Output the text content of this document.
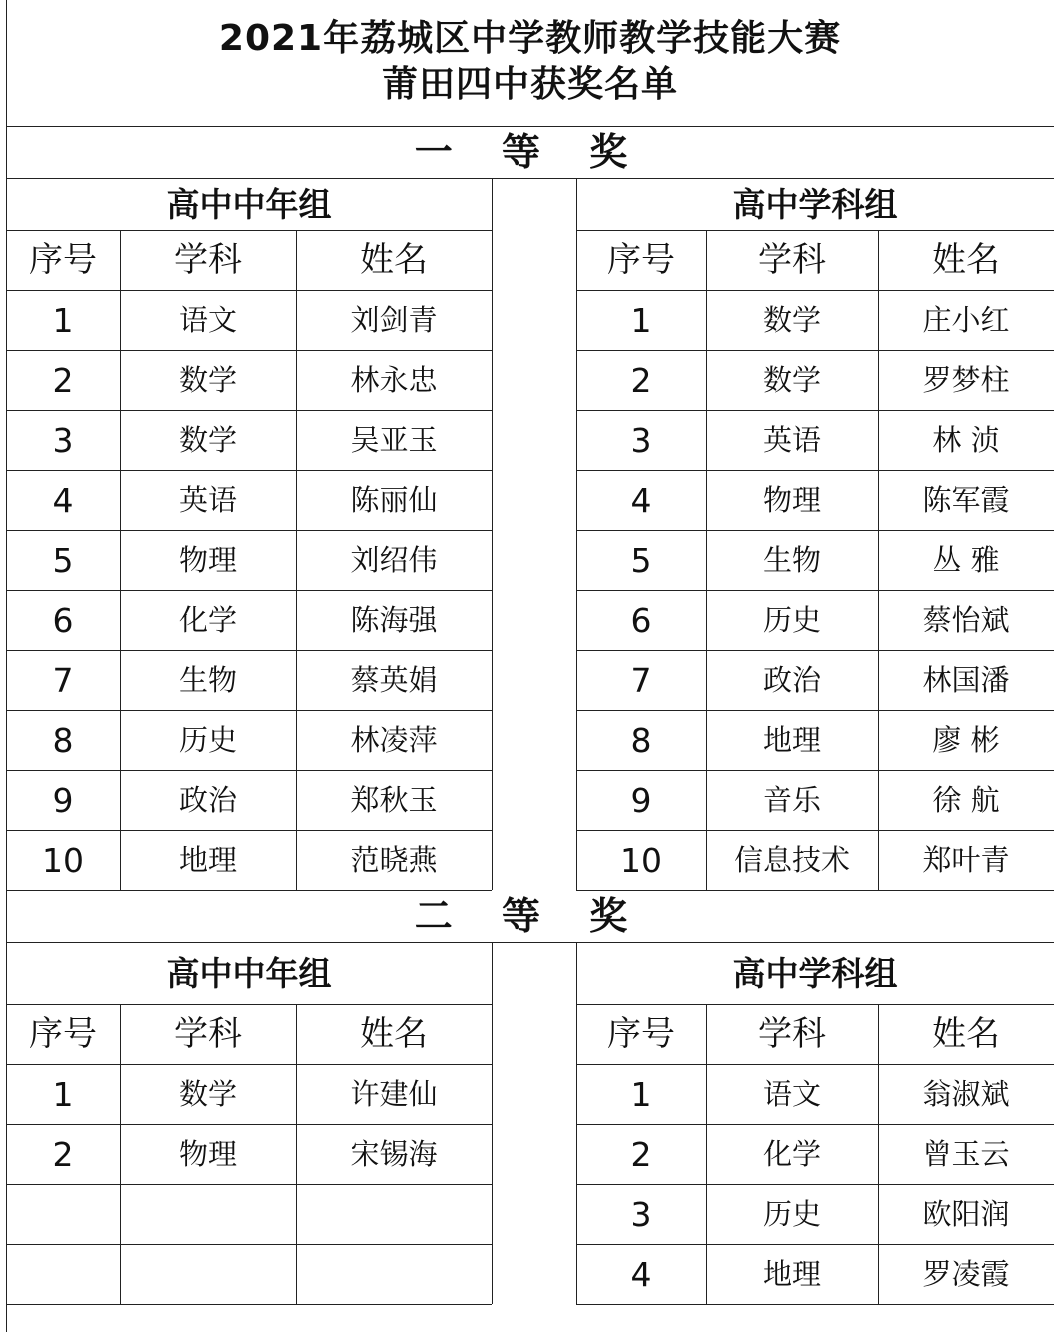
2021年荔城区中学教师教学技能大赛
莆田四中获奖名单
一 等 奖
高中中年组
序号	学科	姓名
1	语文	刘剑青
2	数学	林永忠
3	数学	吴亚玉
4	英语	陈丽仙
5	物理	刘绍伟
6	化学	陈海强
7	生物	蔡英娟
8	历史	林凌萍
9	政治	郑秋玉
10	地理	范晓燕
高中学科组
序号	学科	姓名
1	数学	庄小红
2	数学	罗梦柱
3	英语	林 浈
4	物理	陈军霞
5	生物	丛 雅
6	历史	蔡怡斌
7	政治	林国潘
8	地理	廖 彬
9	音乐	徐 航
10	信息技术	郑叶青
二 等 奖
高中中年组
序号	学科	姓名
1	数学	许建仙
2	物理	宋锡海
高中学科组
序号	学科	姓名
1	语文	翁淑斌
2	化学	曾玉云
3	历史	欧阳润
4	地理	罗凌霞
